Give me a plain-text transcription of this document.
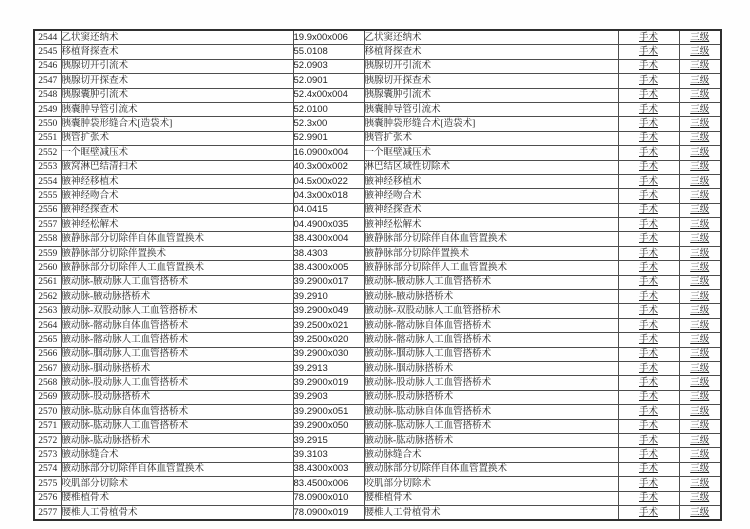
2544	乙状窦还纳术	19.9x00x006	乙状窦还纳术	手术	三级
2545	移植肾探查术	55.0108	移植肾探查术	手术	三级
2546	胰腺切开引流术	52.0903	胰腺切开引流术	手术	三级
2547	胰腺切开探查术	52.0901	胰腺切开探查术	手术	三级
2548	胰腺囊肿引流术	52.4x00x004	胰腺囊肿引流术	手术	三级
2549	胰囊肿导管引流术	52.0100	胰囊肿导管引流术	手术	三级
2550	胰囊肿袋形缝合术[造袋术]	52.3x00	胰囊肿袋形缝合术[造袋术]	手术	三级
2551	胰管扩张术	52.9901	胰管扩张术	手术	三级
2552	一个眶壁减压术	16.0900x004	一个眶壁减压术	手术	三级
2553	腋窝淋巴结清扫术	40.3x00x002	淋巴结区域性切除术	手术	三级
2554	腋神经移植术	04.5x00x022	腋神经移植术	手术	三级
2555	腋神经吻合术	04.3x00x018	腋神经吻合术	手术	三级
2556	腋神经探查术	04.0415	腋神经探查术	手术	三级
2557	腋神经松解术	04.4900x035	腋神经松解术	手术	三级
2558	腋静脉部分切除伴自体血管置换术	38.4300x004	腋静脉部分切除伴自体血管置换术	手术	三级
2559	腋静脉部分切除伴置换术	38.4303	腋静脉部分切除伴置换术	手术	三级
2560	腋静脉部分切除伴人工血管置换术	38.4300x005	腋静脉部分切除伴人工血管置换术	手术	三级
2561	腋动脉-腋动脉人工血管搭桥术	39.2900x017	腋动脉-腋动脉人工血管搭桥术	手术	三级
2562	腋动脉-腋动脉搭桥术	39.2910	腋动脉-腋动脉搭桥术	手术	三级
2563	腋动脉-双股动脉人工血管搭桥术	39.2900x049	腋动脉-双股动脉人工血管搭桥术	手术	三级
2564	腋动脉-髂动脉自体血管搭桥术	39.2500x021	腋动脉-髂动脉自体血管搭桥术	手术	三级
2565	腋动脉-髂动脉人工血管搭桥术	39.2500x020	腋动脉-髂动脉人工血管搭桥术	手术	三级
2566	腋动脉-腘动脉人工血管搭桥术	39.2900x030	腋动脉-腘动脉人工血管搭桥术	手术	三级
2567	腋动脉-腘动脉搭桥术	39.2913	腋动脉-腘动脉搭桥术	手术	三级
2568	腋动脉-股动脉人工血管搭桥术	39.2900x019	腋动脉-股动脉人工血管搭桥术	手术	三级
2569	腋动脉-股动脉搭桥术	39.2903	腋动脉-股动脉搭桥术	手术	三级
2570	腋动脉-肱动脉自体血管搭桥术	39.2900x051	腋动脉-肱动脉自体血管搭桥术	手术	三级
2571	腋动脉-肱动脉人工血管搭桥术	39.2900x050	腋动脉-肱动脉人工血管搭桥术	手术	三级
2572	腋动脉-肱动脉搭桥术	39.2915	腋动脉-肱动脉搭桥术	手术	三级
2573	腋动脉缝合术	39.3103	腋动脉缝合术	手术	三级
2574	腋动脉部分切除伴自体血管置换术	38.4300x003	腋动脉部分切除伴自体血管置换术	手术	三级
2575	咬肌部分切除术	83.4500x006	咬肌部分切除术	手术	三级
2576	腰椎植骨术	78.0900x010	腰椎植骨术	手术	三级
2577	腰椎人工骨植骨术	78.0900x019	腰椎人工骨植骨术	手术	三级
